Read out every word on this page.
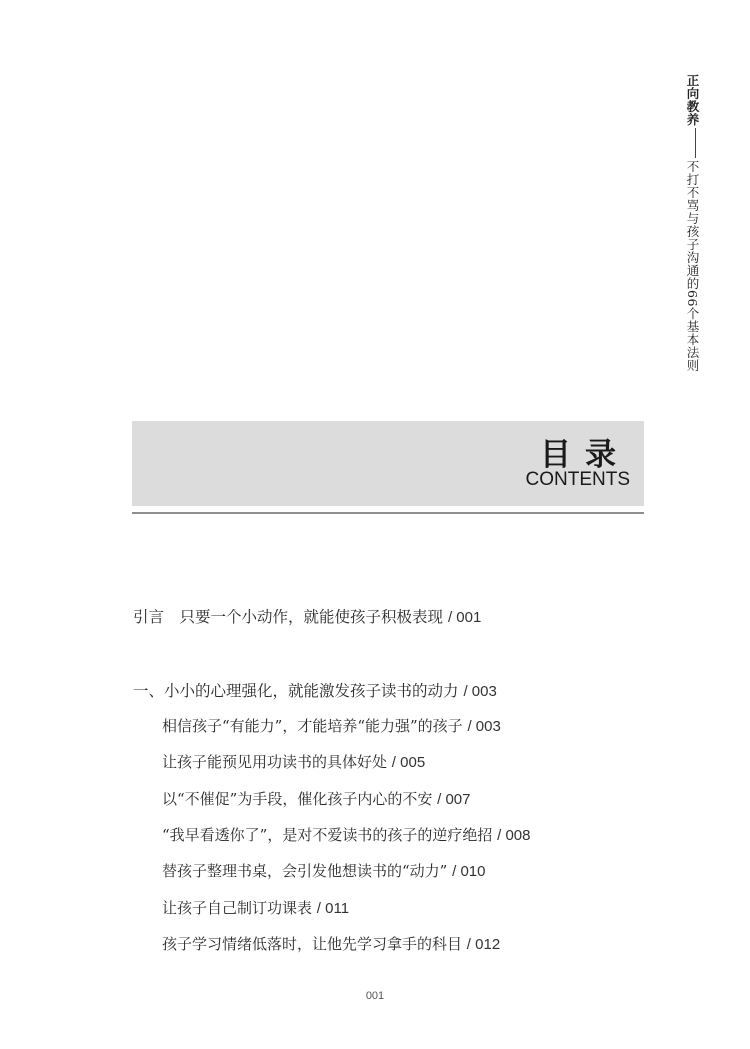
正向教养不打不骂与孩子沟通的66个基本法则
目录
CONTENTS
引言　只要一个小动作，就能使孩子积极表现 / 001
一、小小的心理强化，就能激发孩子读书的动力 / 003
相信孩子“有能力”，才能培养“能力强”的孩子 / 003
让孩子能预见用功读书的具体好处 / 005
以“不催促”为手段，催化孩子内心的不安 / 007
“我早看透你了”，是对不爱读书的孩子的逆疗绝招 / 008
替孩子整理书桌，会引发他想读书的“动力” / 010
让孩子自己制订功课表 / 011
孩子学习情绪低落时，让他先学习拿手的科目 / 012
001
